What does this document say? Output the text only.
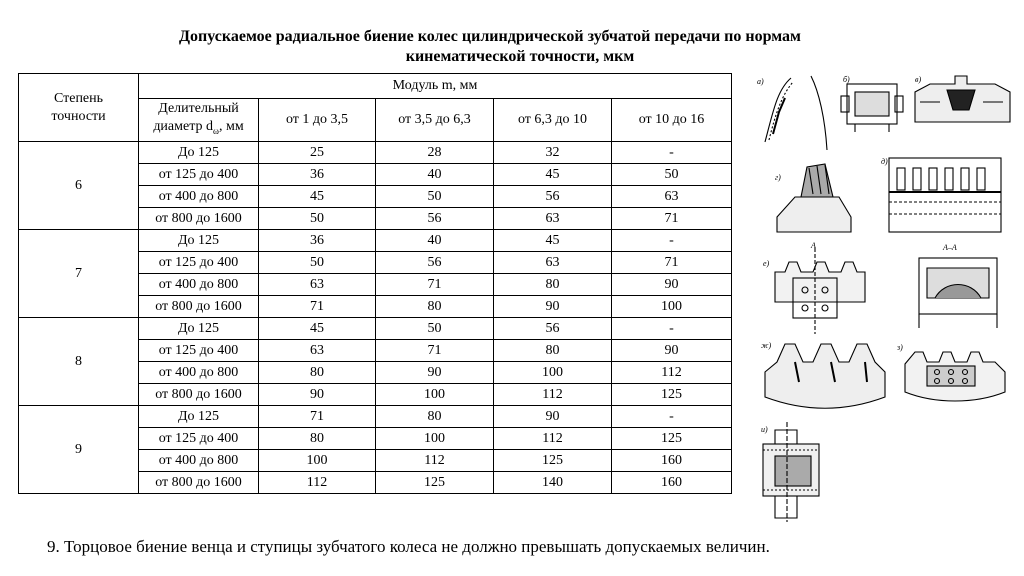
Допускаемое радиальное биение колес цилиндрической зубчатой передачи по нормам
кинематической точности, мкм
Степень
точности	Модуль m, мм				
	Делительный
диаметр $d_\omega$, мм	от 1 до 3,5	от 3,5 до 6,3	от 6,3 до 10	от 10 до 16
6	До 125	25	28	32	-
	от 125 до 400	36	40	45	50
	от 400 до 800	45	50	56	63
	от 800 до 1600	50	56	63	71
7	До 125	36	40	45	-
	от 125 до 400	50	56	63	71
	от 400 до 800	63	71	80	90
	от 800 до 1600	71	80	90	100
8	До 125	45	50	56	-
	от 125 до 400	63	71	80	90
	от 400 до 800	80	90	100	112
	от 800 до 1600	90	100	112	125
9	До 125	71	80	90	-
	от 125 до 400	80	100	112	125
	от 400 до 800	100	112	125	160
	от 800 до 1600	112	125	140	160
а)	б)	в)
г)
д)
е)
ж)	з)
и)
А	А–А
9. Торцовое биение венца и ступицы зубчатого колеса не должно превышать допускаемых величин.
